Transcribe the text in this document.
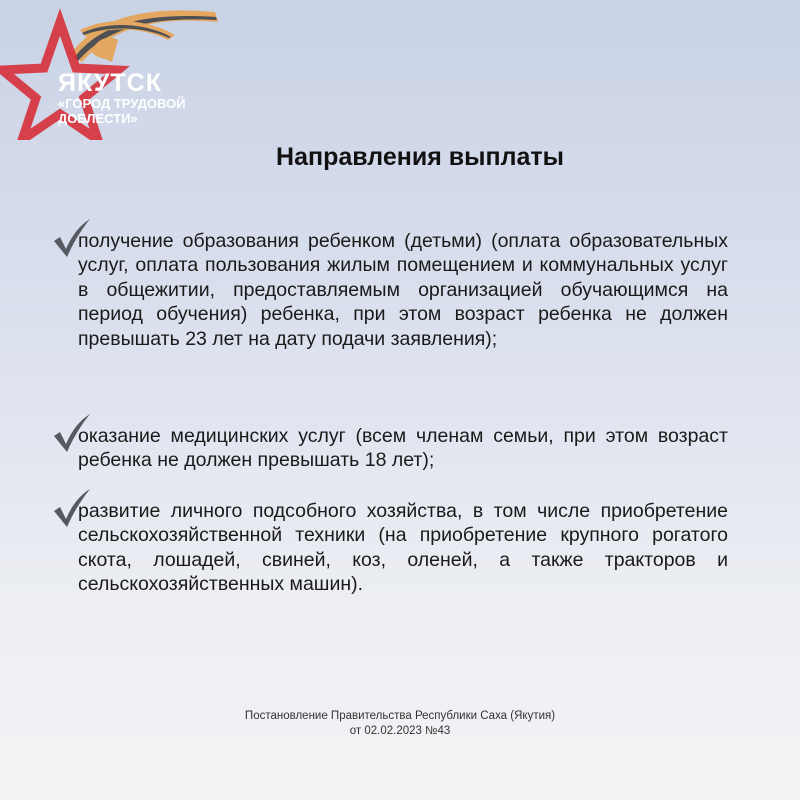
ЯКУТСК
«ГОРОД ТРУДОВОЙ ДОБЛЕСТИ»
Направления выплаты

получение образования ребенком (детьми) (оплата образовательных услуг, оплата пользования жилым помещением и коммунальных услуг в общежитии, предоставляемым организацией обучающимся на период обучения) ребенка, при этом возраст ребенка не должен превышать 23 лет на дату подачи заявления);

оказание медицинских услуг (всем членам семьи, при этом возраст ребенка не должен превышать 18 лет);

развитие личного подсобного хозяйства, в том числе приобретение сельскохозяйственной техники (на приобретение крупного рогатого скота, лошадей, свиней, коз, оленей, а также тракторов и сельскохозяйственных машин).

Постановление Правительства Республики Саха (Якутия)
от 02.02.2023 №43
